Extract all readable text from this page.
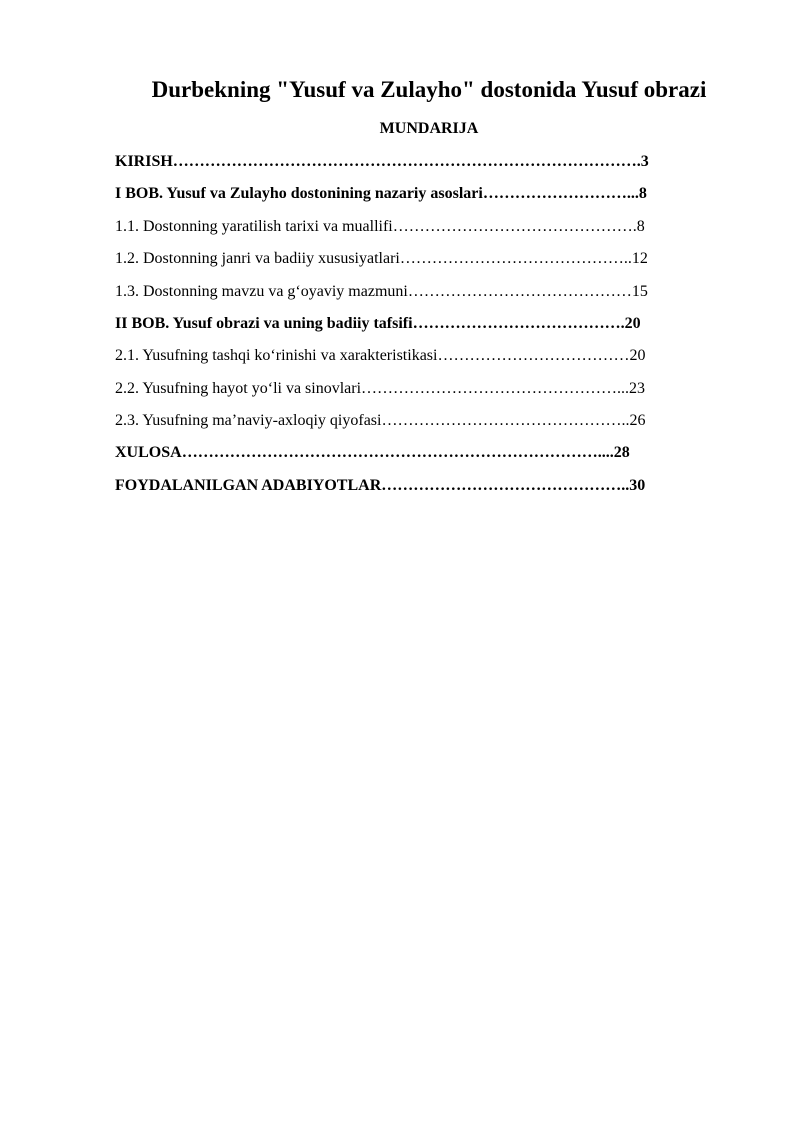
Durbekning "Yusuf va Zulayho" dostonida Yusuf obrazi
MUNDARIJA
KIRISH…………………………………………………………………………….3
I BOB. Yusuf va Zulayho dostonining nazariy asoslari………………………...8
1.1. Dostonning yaratilish tarixi va muallifi……………………………………….8
1.2. Dostonning janri va badiiy xususiyatlari……………………………………..12
1.3. Dostonning mavzu va g‘oyaviy mazmuni……………………………………15
II BOB. Yusuf obrazi va uning badiiy tafsifi………………………………….20
2.1. Yusufning tashqi ko‘rinishi va xarakteristikasi………………………………20
2.2. Yusufning hayot yo‘li va sinovlari…………………………………………...23
2.3. Yusufning ma’naviy-axloqiy qiyofasi………………………………………..26
XULOSA……………………………………………………………………....28
FOYDALANILGAN ADABIYOTLAR………………………………………..30
